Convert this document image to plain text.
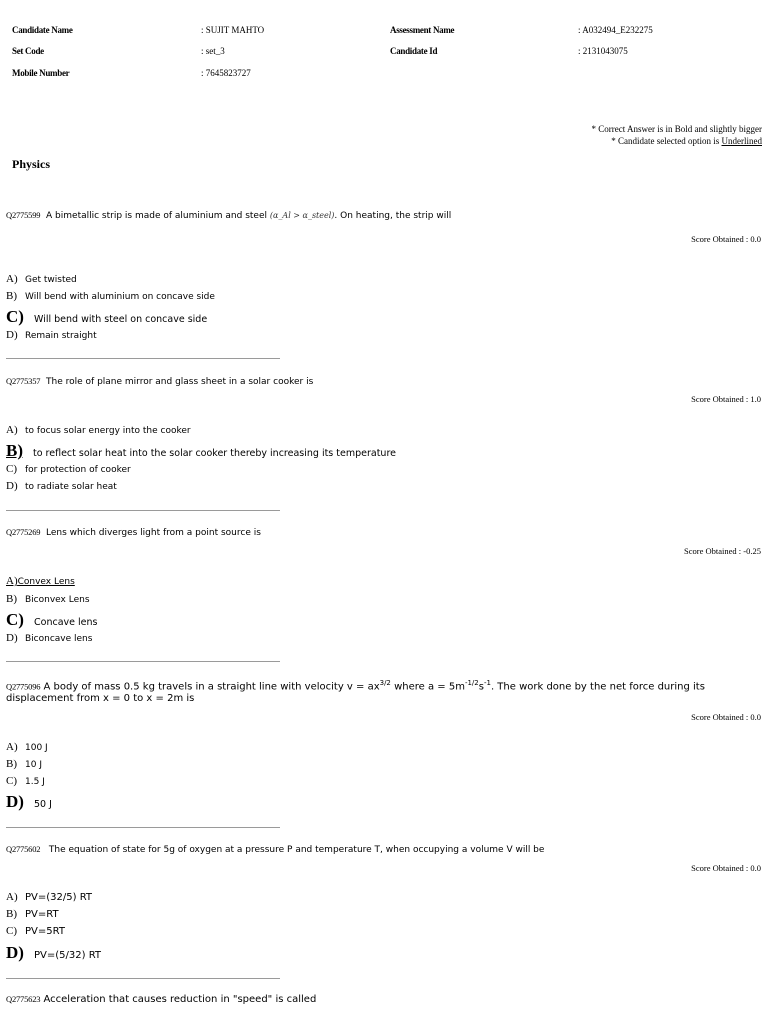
Candidate Name	: SUJIT MAHTO	Assessment Name	: A032494_E232275
Set Code	: set_3	Candidate Id	: 2131043075
Mobile Number	: 7645823727
* Correct Answer is in Bold and slightly bigger
* Candidate selected option is Underlined
Physics
Q2775599 A bimetallic strip is made of aluminium and steel (α_Al > α_steel). On heating, the strip will
Score Obtained : 0.0
A) Get twisted
B) Will bend with aluminium on concave side
C) Will bend with steel on concave side
D) Remain straight
Q2775357 The role of plane mirror and glass sheet in a solar cooker is
Score Obtained : 1.0
A) to focus solar energy into the cooker
B) to reflect solar heat into the solar cooker thereby increasing its temperature
C) for protection of cooker
D) to radiate solar heat
Q2775269 Lens which diverges light from a point source is
Score Obtained : -0.25
A)Convex Lens
B) Biconvex Lens
C) Concave lens
D) Biconcave lens
Q2775096 A body of mass 0.5 kg travels in a straight line with velocity $v = ax^{3/2}$ where $a = 5m^{-1/2}s^{-1}$. The work done by the net force during its
displacement from x = 0 to x = 2m is
Score Obtained : 0.0
A) 100 J
B) 10 J
C) 1.5 J
D) 50 J
Q2775602 The equation of state for 5g of oxygen at a pressure P and temperature T, when occupying a volume V will be
Score Obtained : 0.0
A) PV=(32/5) RT
B) PV=RT
C) PV=5RT
D) PV=(5/32) RT
Q2775623 Acceleration that causes reduction in "speed" is called
